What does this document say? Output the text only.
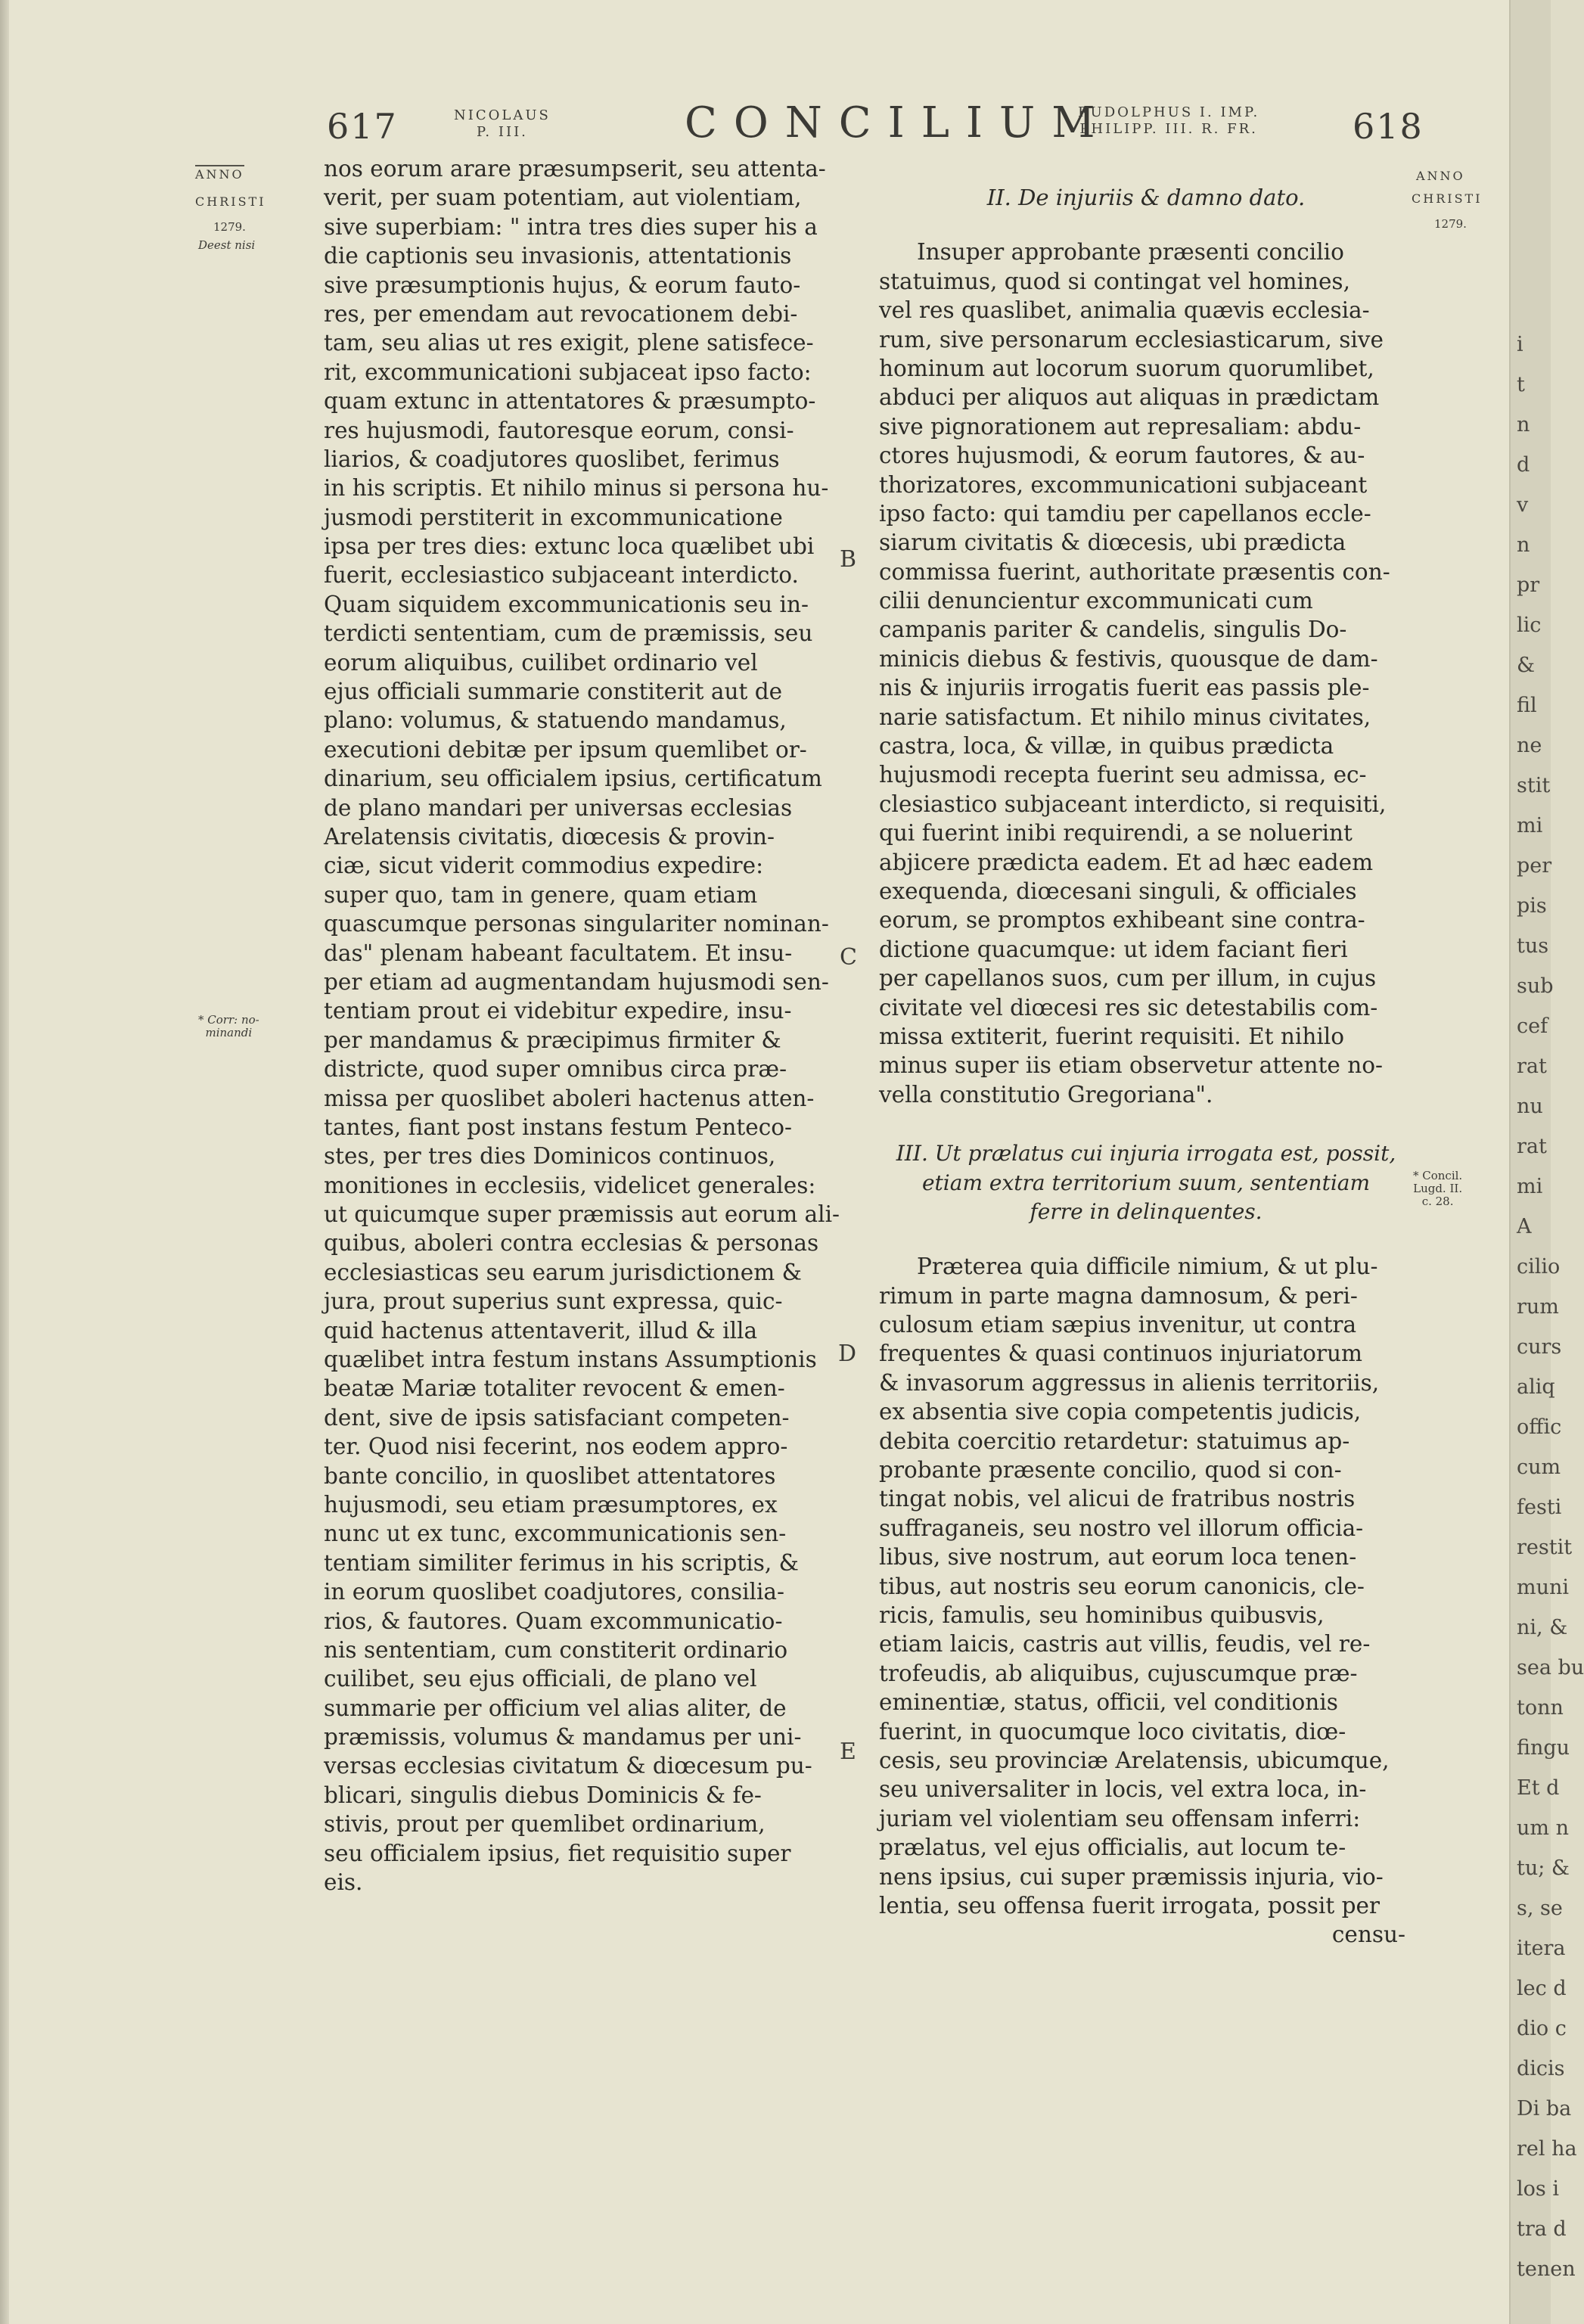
617	NICOLAUS
P. III.	CONCILIUM
RUDOLPHUS I. IMP.
PHILIPP. III. R. FR.	618
ANNO
CHRISTI
1279.
Deest nisi
* Corr: no-
minandi
ANNO
CHRISTI
1279.
* Concil.
Lugd. II.
c. 28.
B
C
D
E
nos eorum arare præsumpserit, seu attenta-
verit, per suam potentiam, aut violentiam,
sive superbiam: " intra tres dies super his a
die captionis seu invasionis, attentationis
sive præsumptionis hujus, & eorum fauto-
res, per emendam aut revocationem debi-
tam, seu alias ut res exigit, plene satisfece-
rit, excommunicationi subjaceat ipso facto:
quam extunc in attentatores & præsumpto-
res hujusmodi, fautoresque eorum, consi-
liarios, & coadjutores quoslibet, ferimus
in his scriptis. Et nihilo minus si persona hu-
jusmodi perstiterit in excommunicatione
ipsa per tres dies: extunc loca quælibet ubi
fuerit, ecclesiastico subjaceant interdicto.
Quam siquidem excommunicationis seu in-
terdicti sententiam, cum de præmissis, seu
eorum aliquibus, cuilibet ordinario vel
ejus officiali summarie constiterit aut de
plano: volumus, & statuendo mandamus,
executioni debitæ per ipsum quemlibet or-
dinarium, seu officialem ipsius, certificatum
de plano mandari per universas ecclesias
Arelatensis civitatis, diœcesis & provin-
ciæ, sicut viderit commodius expedire:
super quo, tam in genere, quam etiam
quascumque personas singulariter nominan-
das" plenam habeant facultatem. Et insu-
per etiam ad augmentandam hujusmodi sen-
tentiam prout ei videbitur expedire, insu-
per mandamus & præcipimus firmiter &
districte, quod super omnibus circa præ-
missa per quoslibet aboleri hactenus atten-
tantes, fiant post instans festum Penteco-
stes, per tres dies Dominicos continuos,
monitiones in ecclesiis, videlicet generales:
ut quicumque super præmissis aut eorum ali-
quibus, aboleri contra ecclesias & personas
ecclesiasticas seu earum jurisdictionem &
jura, prout superius sunt expressa, quic-
quid hactenus attentaverit, illud & illa
quælibet intra festum instans Assumptionis
beatæ Mariæ totaliter revocent & emen-
dent, sive de ipsis satisfaciant competen-
ter. Quod nisi fecerint, nos eodem appro-
bante concilio, in quoslibet attentatores
hujusmodi, seu etiam præsumptores, ex
nunc ut ex tunc, excommunicationis sen-
tentiam similiter ferimus in his scriptis, &
in eorum quoslibet coadjutores, consilia-
rios, & fautores. Quam excommunicatio-
nis sententiam, cum constiterit ordinario
cuilibet, seu ejus officiali, de plano vel
summarie per officium vel alias aliter, de
præmissis, volumus & mandamus per uni-
versas ecclesias civitatum & diœcesum pu-
blicari, singulis diebus Dominicis & fe-
stivis, prout per quemlibet ordinarium,
seu officialem ipsius, fiet requisitio super
eis.
II. De injuriis & damno dato.
Insuper approbante præsenti concilio
statuimus, quod si contingat vel homines,
vel res quaslibet, animalia quævis ecclesia-
rum, sive personarum ecclesiasticarum, sive
hominum aut locorum suorum quorumlibet,
abduci per aliquos aut aliquas in prædictam
sive pignorationem aut represaliam: abdu-
ctores hujusmodi, & eorum fautores, & au-
thorizatores, excommunicationi subjaceant
ipso facto: qui tamdiu per capellanos eccle-
siarum civitatis & diœcesis, ubi prædicta
commissa fuerint, authoritate præsentis con-
cilii denuncientur excommunicati cum
campanis pariter & candelis, singulis Do-
minicis diebus & festivis, quousque de dam-
nis & injuriis irrogatis fuerit eas passis ple-
narie satisfactum. Et nihilo minus civitates,
castra, loca, & villæ, in quibus prædicta
hujusmodi recepta fuerint seu admissa, ec-
clesiastico subjaceant interdicto, si requisiti,
qui fuerint inibi requirendi, a se noluerint
abjicere prædicta eadem. Et ad hæc eadem
exequenda, diœcesani singuli, & officiales
eorum, se promptos exhibeant sine contra-
dictione quacumque: ut idem faciant fieri
per capellanos suos, cum per illum, in cujus
civitate vel diœcesi res sic detestabilis com-
missa extiterit, fuerint requisiti. Et nihilo
minus super iis etiam observetur attente no-
vella constitutio Gregoriana".
III. Ut prælatus cui injuria irrogata est, possit,
etiam extra territorium suum, sententiam
ferre in delinquentes.
Præterea quia difficile nimium, & ut plu-
rimum in parte magna damnosum, & peri-
culosum etiam sæpius invenitur, ut contra
frequentes & quasi continuos injuriatorum
& invasorum aggressus in alienis territoriis,
ex absentia sive copia competentis judicis,
debita coercitio retardetur: statuimus ap-
probante præsente concilio, quod si con-
tingat nobis, vel alicui de fratribus nostris
suffraganeis, seu nostro vel illorum officia-
libus, sive nostrum, aut eorum loca tenen-
tibus, aut nostris seu eorum canonicis, cle-
ricis, famulis, seu hominibus quibusvis,
etiam laicis, castris aut villis, feudis, vel re-
trofeudis, ab aliquibus, cujuscumque præ-
eminentiæ, status, officii, vel conditionis
fuerint, in quocumque loco civitatis, diœ-
cesis, seu provinciæ Arelatensis, ubicumque,
seu universaliter in locis, vel extra loca, in-
juriam vel violentiam seu offensam inferri:
prælatus, vel ejus officialis, aut locum te-
nens ipsius, cui super præmissis injuria, vio-
lentia, seu offensa fuerit irrogata, possit per
censu-
i
t
n
d
v
n
pr
lic
&
fil
ne
stit
mi
per
pis
tus
sub
cef
rat
nu
rat
mi
A
cilio
rum
curs
aliq
offic
cum
festi
restit
muni
ni, &
sea bu
tonn
fingu
Et d
um n
tu; &
s, se
itera
lec d
dio c
dicis
Di ba
rel ha
los i
tra d
tenen
